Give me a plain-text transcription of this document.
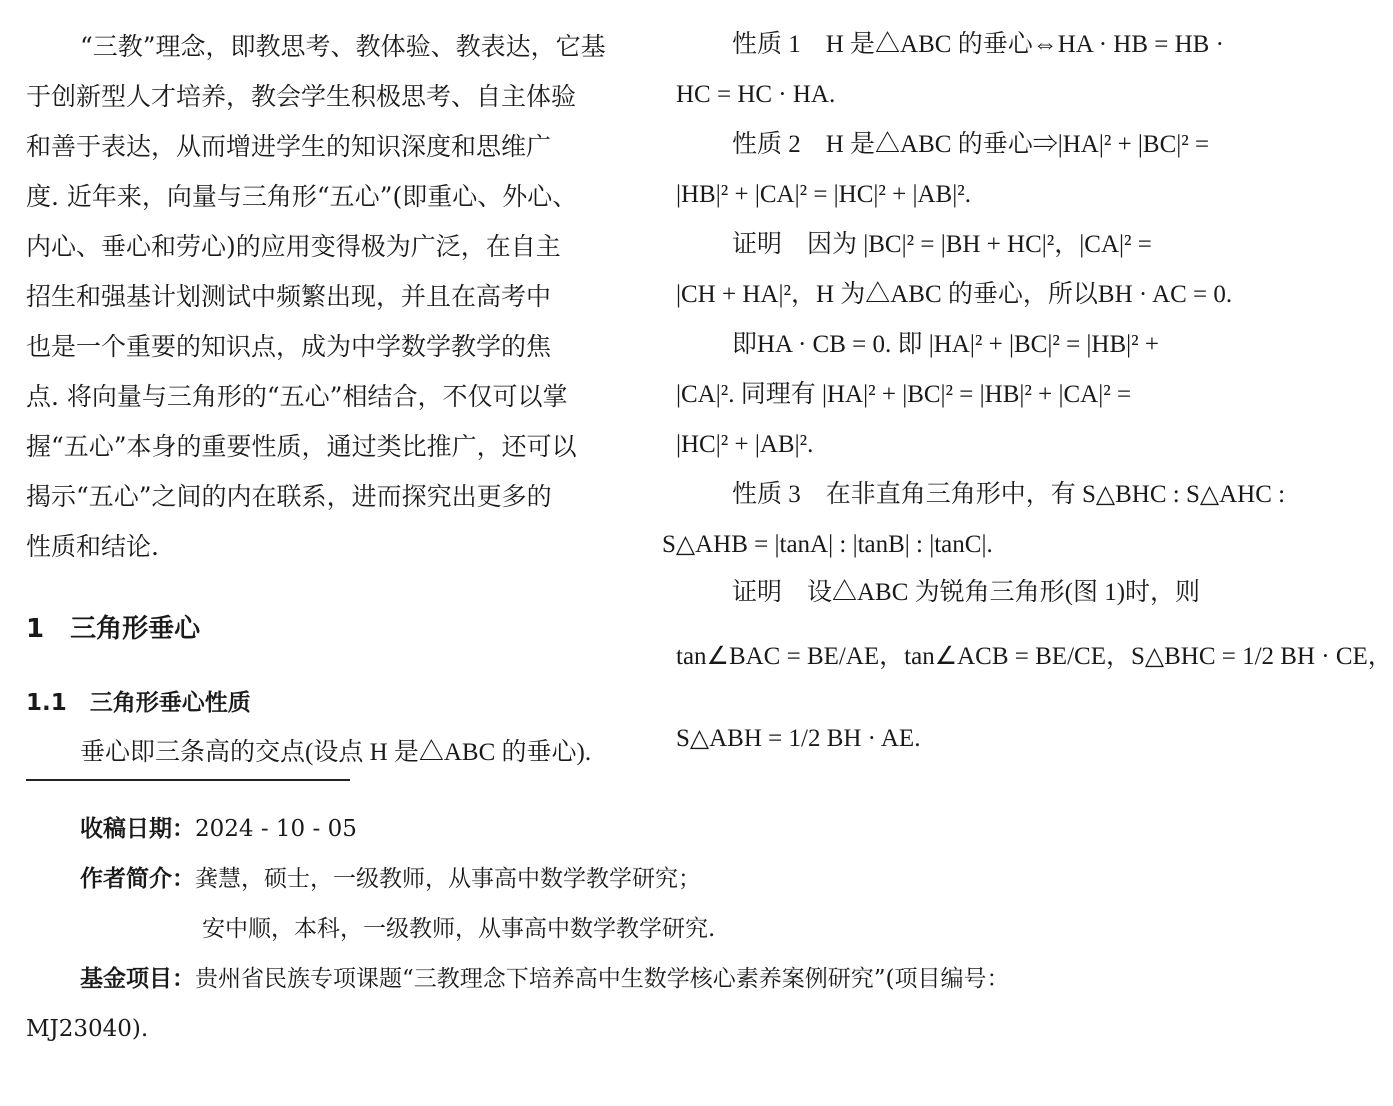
“三教”理念，即教思考、教体验、教表达，它基
于创新型人才培养，教会学生积极思考、自主体验
和善于表达，从而增进学生的知识深度和思维广
度. 近年来，向量与三角形“五心”(即重心、外心、
内心、垂心和劳心)的应用变得极为广泛，在自主
招生和强基计划测试中频繁出现，并且在高考中
也是一个重要的知识点，成为中学数学教学的焦
点. 将向量与三角形的“五心”相结合，不仅可以掌
握“五心”本身的重要性质，通过类比推广，还可以
揭示“五心”之间的内在联系，进而探究出更多的
性质和结论.
1　三角形垂心
1.1　三角形垂心性质
垂心即三条高的交点(设点 H 是△ABC 的垂心).
性质 1　H 是△ABC 的垂心⇔HA · HB = HB ·
HC = HC · HA.
性质 2　H 是△ABC 的垂心⇒|HA|² + |BC|² =
|HB|² + |CA|² = |HC|² + |AB|².
证明　因为 |BC|² = |BH + HC|²，|CA|² =
|CH + HA|²，H 为△ABC 的垂心，所以BH · AC = 0.
即HA · CB = 0. 即 |HA|² + |BC|² = |HB|² +
|CA|². 同理有 |HA|² + |BC|² = |HB|² + |CA|² =
|HC|² + |AB|².
性质 3　在非直角三角形中，有 S△BHC : S△AHC :
S△AHB = |tanA| : |tanB| : |tanC|.
证明　设△ABC 为锐角三角形(图 1)时，则
tan∠BAC = BE/AE，tan∠ACB = BE/CE，S△BHC = 1/2 BH · CE，
S△ABH = 1/2 BH · AE.
收稿日期：2024 - 10 - 05
作者简介：龚慧，硕士，一级教师，从事高中数学教学研究；
安中顺，本科，一级教师，从事高中数学教学研究.
基金项目：贵州省民族专项课题“三教理念下培养高中生数学核心素养案例研究”(项目编号：
MJ23040).
